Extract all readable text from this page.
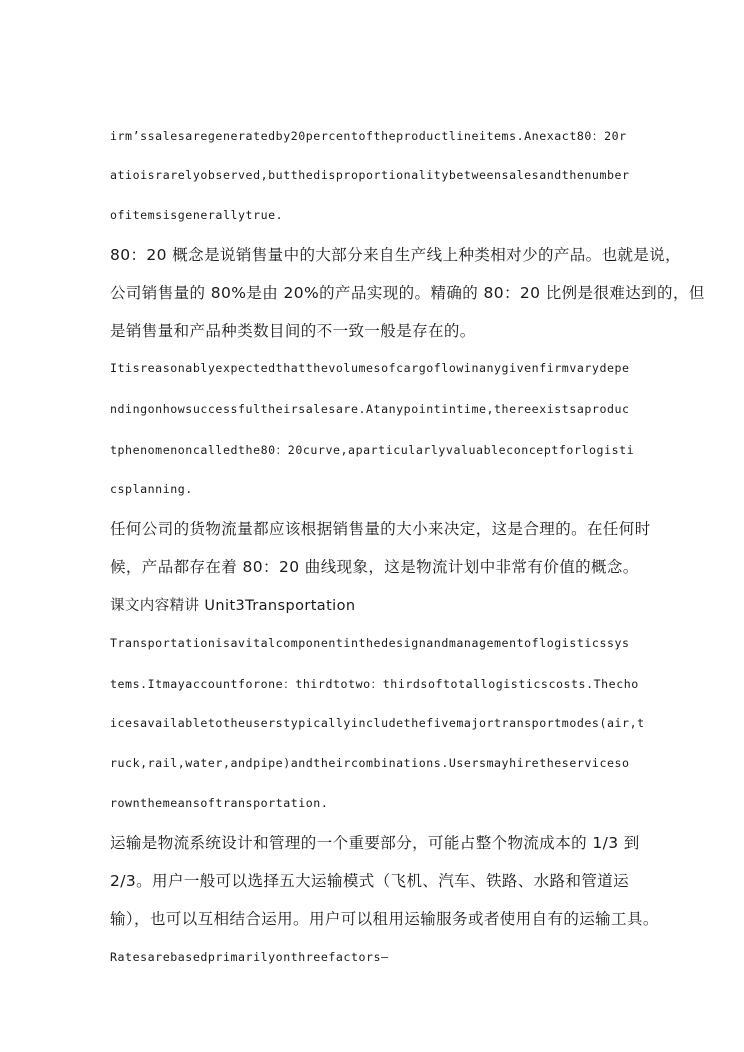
irm’ssalesaregeneratedby20percentoftheproductlineitems.Anexact80：20r
atioisrarelyobserved,butthedisproportionalitybetweensalesandthenumber
ofitemsisgenerallytrue.
80：20 概念是说销售量中的大部分来自生产线上种类相对少的产品。也就是说，
公司销售量的 80%是由 20%的产品实现的。精确的 80：20 比例是很难达到的，但
是销售量和产品种类数目间的不一致一般是存在的。
Itisreasonablyexpectedthatthevolumesofcargoflowinanygivenfirmvarydepe
ndingonhowsuccessfultheirsalesare.Atanypointintime,thereexistsaproduc
tphenomenoncalledthe80：20curve,aparticularlyvaluableconceptforlogisti
csplanning.
任何公司的货物流量都应该根据销售量的大小来决定，这是合理的。在任何时
候，产品都存在着 80：20 曲线现象，这是物流计划中非常有价值的概念。
课文内容精讲 Unit3Transportation
Transportationisavitalcomponentinthedesignandmanagementoflogisticssys
tems.Itmayaccountforone：thirdtotwo：thirdsoftotallogisticscosts.Thecho
icesavailabletotheuserstypicallyincludethefivemajortransportmodes(air,t
ruck,rail,water,andpipe)andtheircombinations.Usersmayhiretheserviceso
rownthemeansoftransportation.
运输是物流系统设计和管理的一个重要部分，可能占整个物流成本的 1/3 到
2/3。用户一般可以选择五大运输模式（飞机、汽车、铁路、水路和管道运
输），也可以互相结合运用。用户可以租用运输服务或者使用自有的运输工具。
Ratesarebasedprimarilyonthreefactors—
